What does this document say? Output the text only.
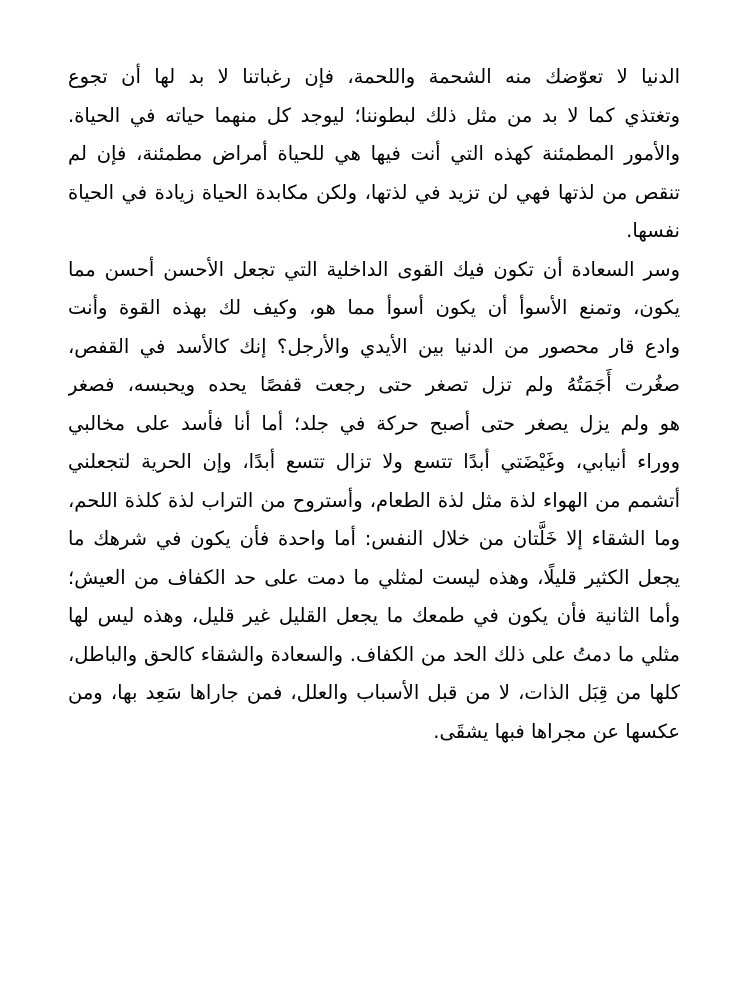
الدنيا لا تعوّضك منه الشحمة واللحمة، فإن رغباتنا لا بد لها أن تجوع
وتغتذي كما لا بد من مثل ذلك لبطوننا؛ ليوجد كل منهما حياته في الحياة.
والأمور المطمئنة كهذه التي أنت فيها هي للحياة أمراض مطمئنة، فإن لم
تنقص من لذتها فهي لن تزيد في لذتها، ولكن مكابدة الحياة زيادة في الحياة
نفسها.
وسر السعادة أن تكون فيك القوى الداخلية التي تجعل الأحسن أحسن مما
يكون، وتمنع الأسوأ أن يكون أسوأ مما هو، وكيف لك بهذه القوة وأنت
وادع قار محصور من الدنيا بين الأيدي والأرجل؟ إنك كالأسد في القفص،
صغُرت أَجَمَتُهُ ولم تزل تصغر حتى رجعت قفصًا يحده ويحبسه، فصغر
هو ولم يزل يصغر حتى أصبح حركة في جلد؛ أما أنا فأسد على مخالبي
ووراء أنيابي، وغَيْضَتي أبدًا تتسع ولا تزال تتسع أبدًا، وإن الحرية لتجعلني
أتشمم من الهواء لذة مثل لذة الطعام، وأستروح من التراب لذة كلذة اللحم،
وما الشقاء إلا خَلَّتان من خلال النفس: أما واحدة فأن يكون في شرهك ما
يجعل الكثير قليلًا، وهذه ليست لمثلي ما دمت على حد الكفاف من العيش؛
وأما الثانية فأن يكون في طمعك ما يجعل القليل غير قليل، وهذه ليس لها
مثلي ما دمتُ على ذلك الحد من الكفاف. والسعادة والشقاء كالحق والباطل،
كلها من قِبَل الذات، لا من قبل الأسباب والعلل، فمن جاراها سَعِد بها، ومن
عكسها عن مجراها فبها يشقَى.
